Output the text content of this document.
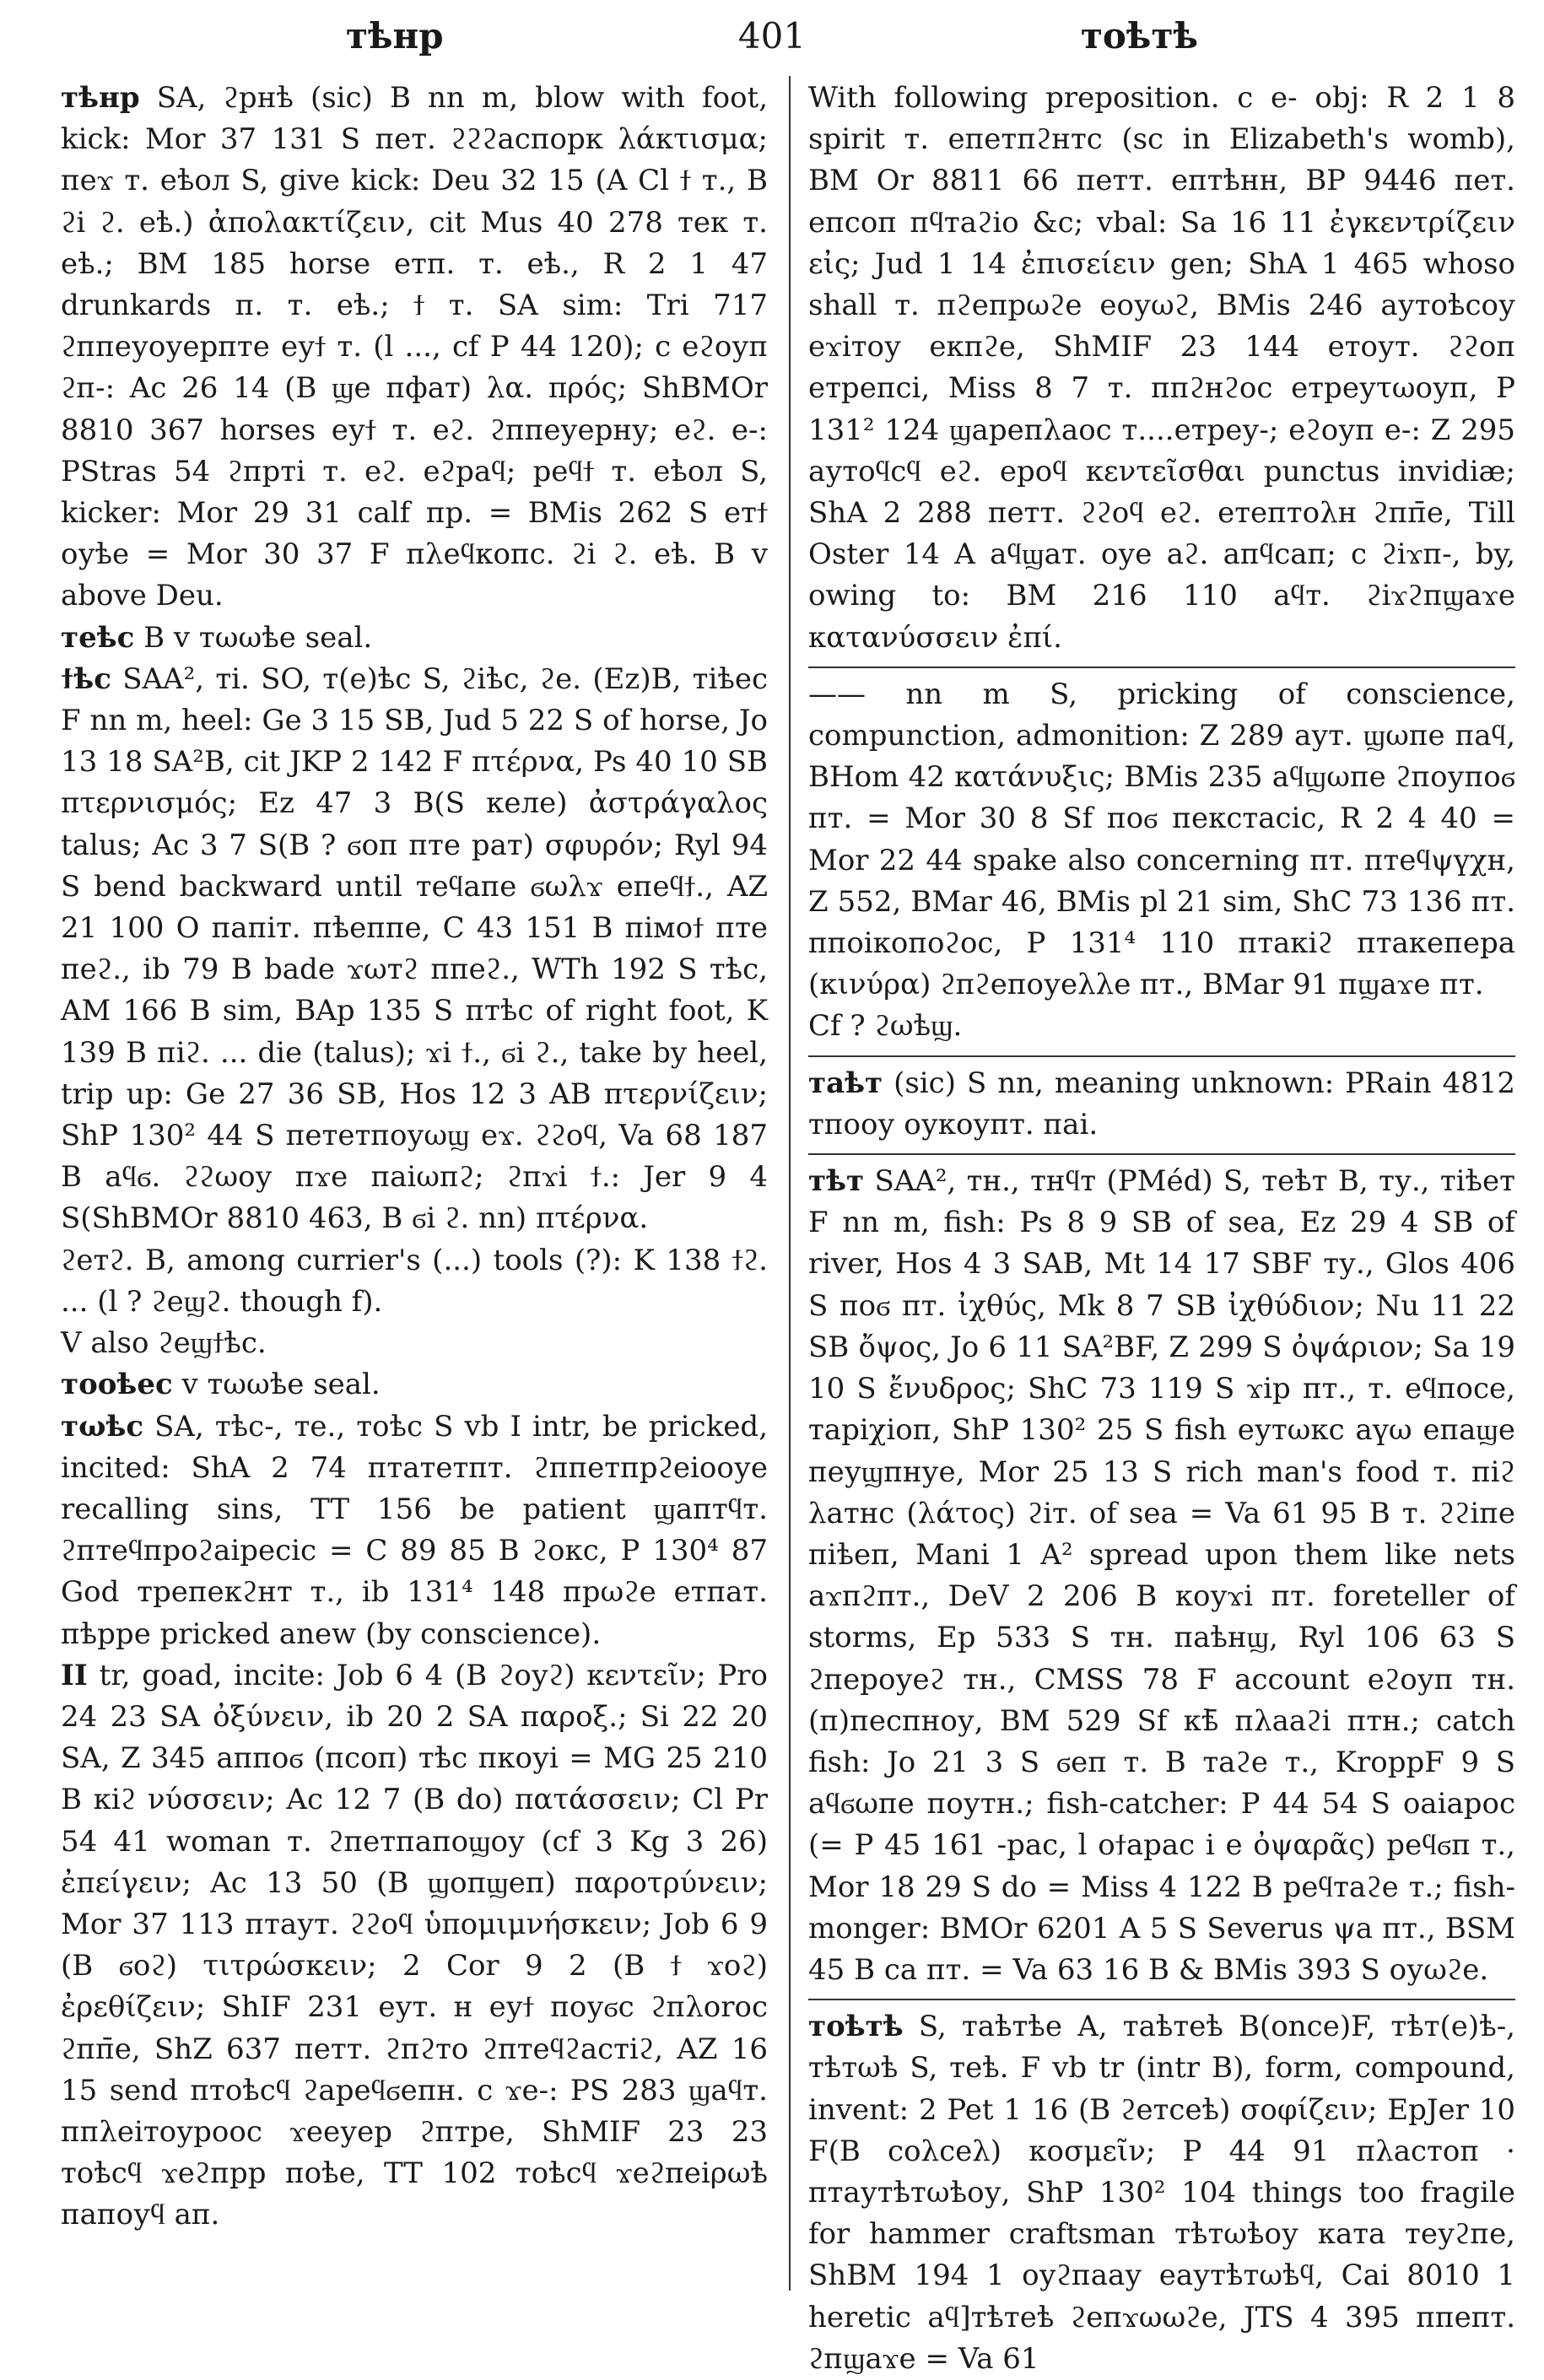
тѣнр	401	тоѣтѣ

тѣнр SA, ϩрнѣ (sic) B nn m, blow with foot, kick: Mor 37 131 S пет. ϩϩϩаспорк λάκτισμα; пеϫ т. еѣол S, give kick: Deu 32 15 (A Cl ϯ т., B ϩі ϩ. еѣ.) ἀπολακτίζειν, cit Mus 40 278 тек т. еѣ.; BM 185 horse етп. т. еѣ., R 2 1 47 drunkards п. т. еѣ.; ϯ т. SA sim: Tri 717 ϩппеуоуерпте еуϯ т. (l ..., cf P 44 120); с еϩоуп ϩп-: Ac 26 14 (B ϣе пфат) λα. πρός; ShBMOr 8810 367 horses еуϯ т. еϩ. ϩппеуерну; еϩ. е-: PStras 54 ϩпрті т. еϩ. еϩраϥ; реϥϯ т. еѣол S, kicker: Mor 29 31 calf пр. = BMis 262 S етϯ оуѣе = Mor 30 37 F пλеϥкопс. ϩі ϩ. еѣ. B v above Deu.

теѣс B v тωωѣе seal.

ϯѣс SAA², ті. SO, т(е)ѣс S, ϩіѣс, ϩе. (Ez)B, тіѣес F nn m, heel: Ge 3 15 SB, Jud 5 22 S of horse, Jo 13 18 SA²B, cit JKP 2 142 F πτέρνα, Ps 40 10 SB πτερνισμός; Ez 47 3 B(S келе) ἀστράγαλος talus; Ac 3 7 S(B ? ϭоп пте рат) σφυρόν; Ryl 94 S bend backward until теϥапе ϭωλϫ епеϥϯ., AZ 21 100 O папіт. пѣеппе, C 43 151 B пімоϯ пте пеϩ., ib 79 B bade ϫωтϩ ппеϩ., WTh 192 S тѣс, AM 166 B sim, BAp 135 S птѣс of right foot, K 139 B піϩ. ... die (talus); ϫі ϯ., ϭі ϩ., take by heel, trip up: Ge 27 36 SB, Hos 12 3 AB πτερνίζειν; ShP 130² 44 S пететпоуωϣ еϫ. ϩϩоϥ, Va 68 187 B аϥϭ. ϩϩωоу пϫе паіωпϩ; ϩпϫі ϯ.: Jer 9 4 S(ShBMOr 8810 463, B ϭі ϩ. nn) πτέρνα.

ϩетϩ. B, among currier's (...) tools (?): K 138 ϯϩ. ... (l ? ϩеϣϩ. though f).

V also ϩеϣϯѣс.

тооѣес v тωωѣе seal.

тωѣс SA, тѣс-, те., тоѣс S vb I intr, be pricked, incited: ShA 2 74 птатетпт. ϩппетпрϩеіооуе recalling sins, TT 156 be patient ϣаптϥт. ϩптеϥпроϩаіресіс = C 89 85 B ϩокс, P 130⁴ 87 God трепекϩнт т., ib 131⁴ 148 прωϩе етпат. пѣрре pricked anew (by conscience).

II tr, goad, incite: Job 6 4 (B ϩоуϩ) κεντεῖν; Pro 24 23 SA ὀξύνειν, ib 20 2 SA παροξ.; Si 22 20 SA, Z 345 аппоϭ (псоп) тѣс пкоуі = MG 25 210 B кіϩ νύσσειν; Ac 12 7 (B do) πατάσσειν; Cl Pr 54 41 woman т. ϩпетпапоϣоу (cf 3 Kg 3 26) ἐπείγειν; Ac 13 50 (B ϣопϣеп) παροτρύνειν; Mor 37 113 птаут. ϩϩоϥ ὑπομιμνήσκειν; Job 6 9 (B ϭоϩ) τιτρώσκειν; 2 Cor 9 2 (B ϯ ϫоϩ) ἐρεθίζειν; ShIF 231 еут. н еуϯ поуϭс ϩпλоrос ϩпп̄е, ShZ 637 петт. ϩпϩто ϩптеϥϩастіϩ, AZ 16 15 send птоѣсϥ ϩареϥϭепн. с ϫе-: PS 283 ϣаϥт. ппλеітоуроос ϫееуер ϩптре, ShMIF 23 23 тоѣсϥ ϫеϩпрр поѣе, TT 102 тоѣсϥ ϫеϩпеіρωѣ папоуϥ ап.

With following preposition. с е- obj: R 2 1 8 spirit т. епетпϩнтс (sc in Elizabeth's womb), BM Or 8811 66 петт. ептѣнн, BP 9446 пет. епсоп пϥтаϩіо &c; vbal: Sa 16 11 ἐγκεντρίζειν εἰς; Jud 1 14 ἐπισείειν gen; ShA 1 465 whoso shall т. пϩепрωϩе еоуωϩ, BMis 246 аутоѣсоу еϫітоу екпϩе, ShMIF 23 144 етоут. ϩϩоп етрепсі, Miss 8 7 т. ппϩнϩос етреуτωоуп, P 131² 124 ϣарепλаос т....етреу-; еϩоуп е-: Z 295 аутоϥсϥ еϩ. ероϥ κεντεῖσθαι punctus invidiæ; ShA 2 288 петт. ϩϩоϥ еϩ. етептоλн ϩпп̄е, Till Oster 14 A аϥϣат. оуе аϩ. апϥсап; с ϩіϫп-, by, owing to: BM 216 110 аϥт. ϩіϫϩпϣаϫе κατανύσσειν ἐπί.

—— nn m S, pricking of conscience, compunction, admonition: Z 289 аут. ϣωпе паϥ, BHom 42 κατάνυξις; BMis 235 аϥϣωпе ϩпоупоϭ пт. = Mor 30 8 Sf поϭ пекстасіс, R 2 4 40 = Mor 22 44 spake also concerning пт. птеϥψүχн, Z 552, BMar 46, BMis pl 21 sim, ShC 73 136 пт. ппоікопоϩос, P 131⁴ 110 птакіϩ птакепера (κινύρα) ϩпϩепоуеλλе пт., BMar 91 пϣаϫе пт.

Cf ? ϩωѣϣ.

таѣт (sic) S nn, meaning unknown: PRain 4812 тпооу оукоупт. паі.

тѣт SAA², тн., тнϥт (PMéd) S, теѣт B, ту., тіѣет F nn m, fish: Ps 8 9 SB of sea, Ez 29 4 SB of river, Hos 4 3 SAB, Mt 14 17 SBF ту., Glos 406 S поϭ пт. ἰχθύς, Mk 8 7 SB ἰχθύδιον; Nu 11 22 SB ὄψος, Jo 6 11 SA²BF, Z 299 S ὀψάριον; Sa 19 10 S ἔνυδρος; ShC 73 119 S ϫір пт., т. еϥпосе, таріχіоп, ShP 130² 25 S fish еутωкс аүω епаϣе пеуϣпнуе, Mor 25 13 S rich man's food т. піϩ λатнс (λάτος) ϩіт. of sea = Va 61 95 B т. ϩϩіпе піѣеп, Mani 1 A² spread upon them like nets аϫпϩпт., DeV 2 206 B коуϫі пт. foreteller of storms, Ep 533 S тн. паѣнϣ, Ryl 106 63 S ϩпероуеϩ тн., CMSS 78 F account еϩоуп тн. (п)песпноу, BM 529 Sf кѣ̄ пλааϩі птн.; catch fish: Jo 21 3 S ϭеп т. B таϩе т., KroppF 9 S аϥϭωпе поутн.; fish-catcher: P 44 54 S оаіарос (= P 45 161 -рас, l оϯарас i e ὀψαρᾶς) реϥϭп т., Mor 18 29 S do = Miss 4 122 B реϥтаϩе т.; fish-monger: BMOr 6201 A 5 S Severus ψа пт., BSM 45 B са пт. = Va 63 16 B & BMis 393 S оуωϩе.

тоѣтѣ S, таѣтѣе A, таѣтеѣ B(once)F, тѣт(е)ѣ-, тѣтωѣ S, теѣ. F vb tr (intr B), form, compound, invent: 2 Pet 1 16 (B ϩетсеѣ) σοφίζειν; EpJer 10 F(B соλсеλ) κοσμεῖν; P 44 91 пλастоп · птаутѣтωѣоу, ShP 130² 104 things too fragile for hammer craftsman тѣтωѣоу ката теуϩпе, ShBM 194 1 оуϩпаау еаутѣтωѣϥ, Cai 8010 1 heretic аϥ]тѣтеѣ ϩепϫωωϩе, JTS 4 395 ппепт. ϩпϣаϫе = Va 61
